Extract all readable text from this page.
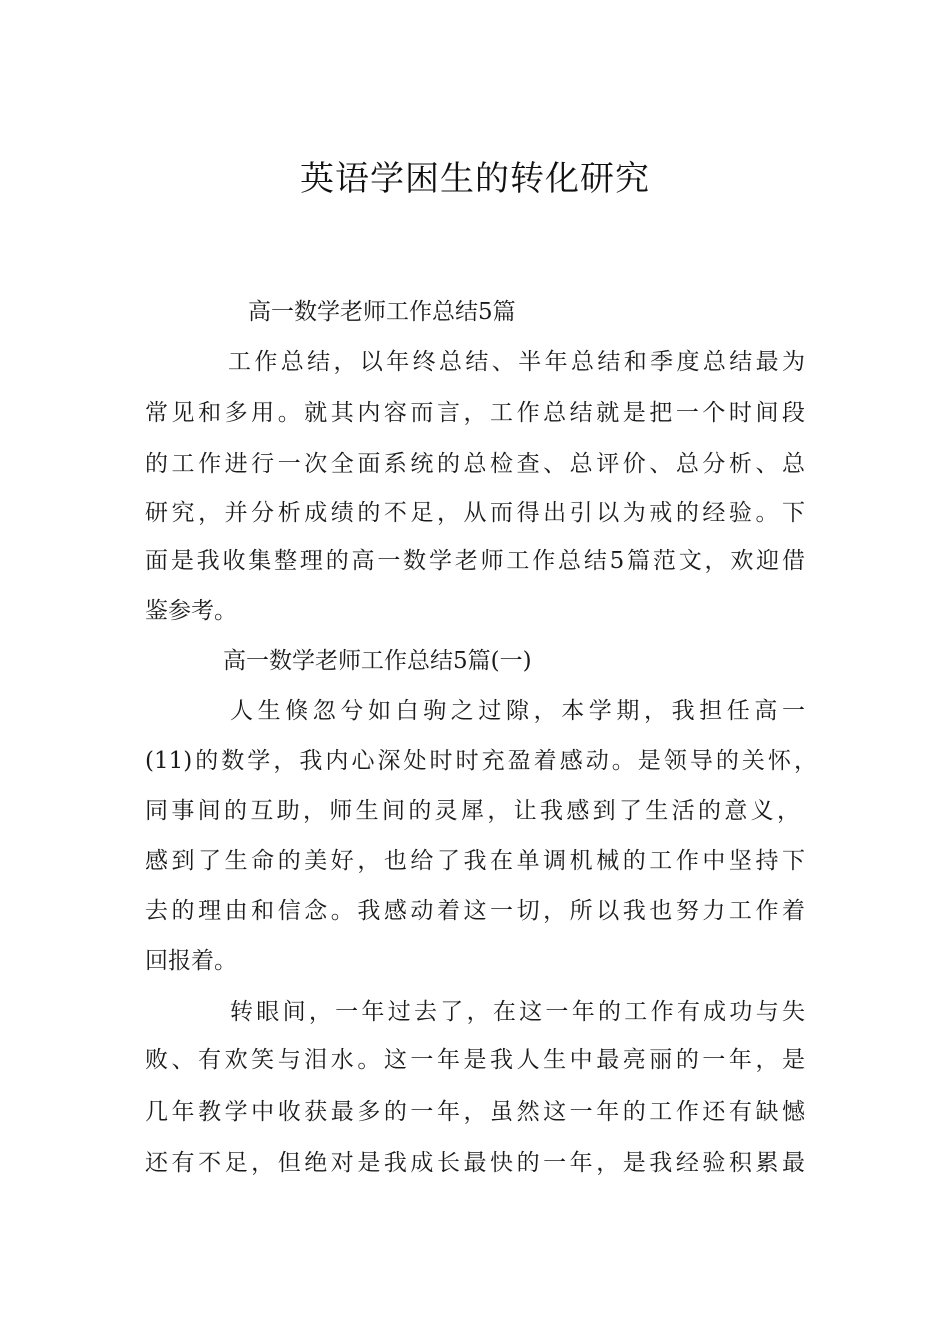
英语学困生的转化研究

高一数学老师工作总结5篇

工作总结，以年终总结、半年总结和季度总结最为

常见和多用。就其内容而言，工作总结就是把一个时间段

的工作进行一次全面系统的总检查、总评价、总分析、总

研究，并分析成绩的不足，从而得出引以为戒的经验。下

面是我收集整理的高一数学老师工作总结5篇范文，欢迎借

鉴参考。

高一数学老师工作总结5篇(一)

人生倏忽兮如白驹之过隙，本学期，我担任高一

(11)的数学，我内心深处时时充盈着感动。是领导的关怀，

同事间的互助，师生间的灵犀，让我感到了生活的意义，

感到了生命的美好，也给了我在单调机械的工作中坚持下

去的理由和信念。我感动着这一切，所以我也努力工作着

回报着。

转眼间，一年过去了，在这一年的工作有成功与失

败、有欢笑与泪水。这一年是我人生中最亮丽的一年，是

几年教学中收获最多的一年，虽然这一年的工作还有缺憾

还有不足，但绝对是我成长最快的一年，是我经验积累最
